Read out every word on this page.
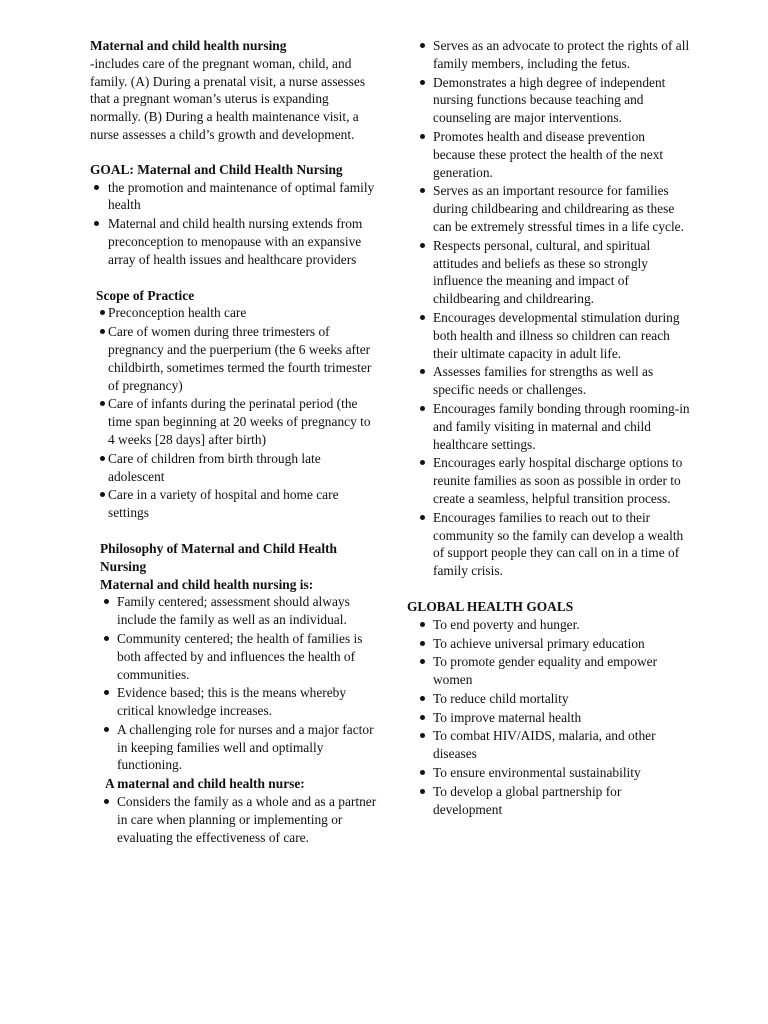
Maternal and child health nursing

-includes care of the pregnant woman, child, and family. (A) During a prenatal visit, a nurse assesses that a pregnant woman’s uterus is expanding normally. (B) During a health maintenance visit, a nurse assesses a child’s growth and development.

GOAL: Maternal and Child Health Nursing

the promotion and maintenance of optimal family health
Maternal and child health nursing extends from preconception to menopause with an expansive array of health issues and healthcare providers

Scope of Practice

Preconception health care
Care of women during three trimesters of pregnancy and the puerperium (the 6 weeks after childbirth, sometimes termed the fourth trimester of pregnancy)
Care of infants during the perinatal period (the time span beginning at 20 weeks of pregnancy to 4 weeks [28 days] after birth)
Care of children from birth through late adolescent
Care in a variety of hospital and home care settings

Philosophy of Maternal and Child Health Nursing

Maternal and child health nursing is:

Family centered; assessment should always include the family as well as an individual.
Community centered; the health of families is both affected by and influences the health of communities.
Evidence based; this is the means whereby critical knowledge increases.
A challenging role for nurses and a major factor in keeping families well and optimally functioning.

A maternal and child health nurse:

Considers the family as a whole and as a partner in care when planning or implementing or evaluating the effectiveness of care.
Serves as an advocate to protect the rights of all family members, including the fetus.
Demonstrates a high degree of independent nursing functions because teaching and counseling are major interventions.
Promotes health and disease prevention because these protect the health of the next generation.
Serves as an important resource for families during childbearing and childrearing as these can be extremely stressful times in a life cycle.
Respects personal, cultural, and spiritual attitudes and beliefs as these so strongly influence the meaning and impact of childbearing and childrearing.
Encourages developmental stimulation during both health and illness so children can reach their ultimate capacity in adult life.
Assesses families for strengths as well as specific needs or challenges.
Encourages family bonding through rooming-in and family visiting in maternal and child healthcare settings.
Encourages early hospital discharge options to reunite families as soon as possible in order to create a seamless, helpful transition process.
Encourages families to reach out to their community so the family can develop a wealth of support people they can call on in a time of family crisis.

GLOBAL HEALTH GOALS

To end poverty and hunger.
To achieve universal primary education
To promote gender equality and empower women
To reduce child mortality
To improve maternal health
To combat HIV/AIDS, malaria, and other diseases
To ensure environmental sustainability
To develop a global partnership for development
